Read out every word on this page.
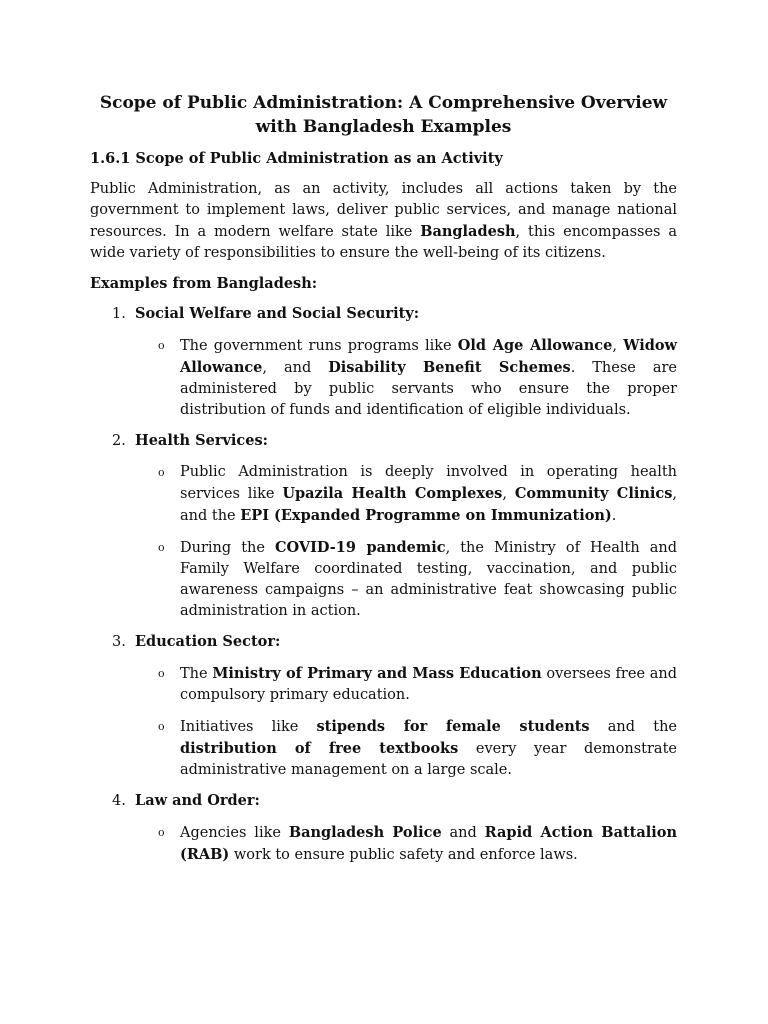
Scope of Public Administration: A Comprehensive Overview with Bangladesh Examples
1.6.1 Scope of Public Administration as an Activity
Public Administration, as an activity, includes all actions taken by the government to implement laws, deliver public services, and manage national resources. In a modern welfare state like Bangladesh, this encompasses a wide variety of responsibilities to ensure the well-being of its citizens.
Examples from Bangladesh:
1. Social Welfare and Social Security:
o The government runs programs like Old Age Allowance, Widow Allowance, and Disability Benefit Schemes. These are administered by public servants who ensure the proper distribution of funds and identification of eligible individuals.
2. Health Services:
o Public Administration is deeply involved in operating health services like Upazila Health Complexes, Community Clinics, and the EPI (Expanded Programme on Immunization).
o During the COVID-19 pandemic, the Ministry of Health and Family Welfare coordinated testing, vaccination, and public awareness campaigns – an administrative feat showcasing public administration in action.
3. Education Sector:
o The Ministry of Primary and Mass Education oversees free and compulsory primary education.
o Initiatives like stipends for female students and the distribution of free textbooks every year demonstrate administrative management on a large scale.
4. Law and Order:
o Agencies like Bangladesh Police and Rapid Action Battalion (RAB) work to ensure public safety and enforce laws.
